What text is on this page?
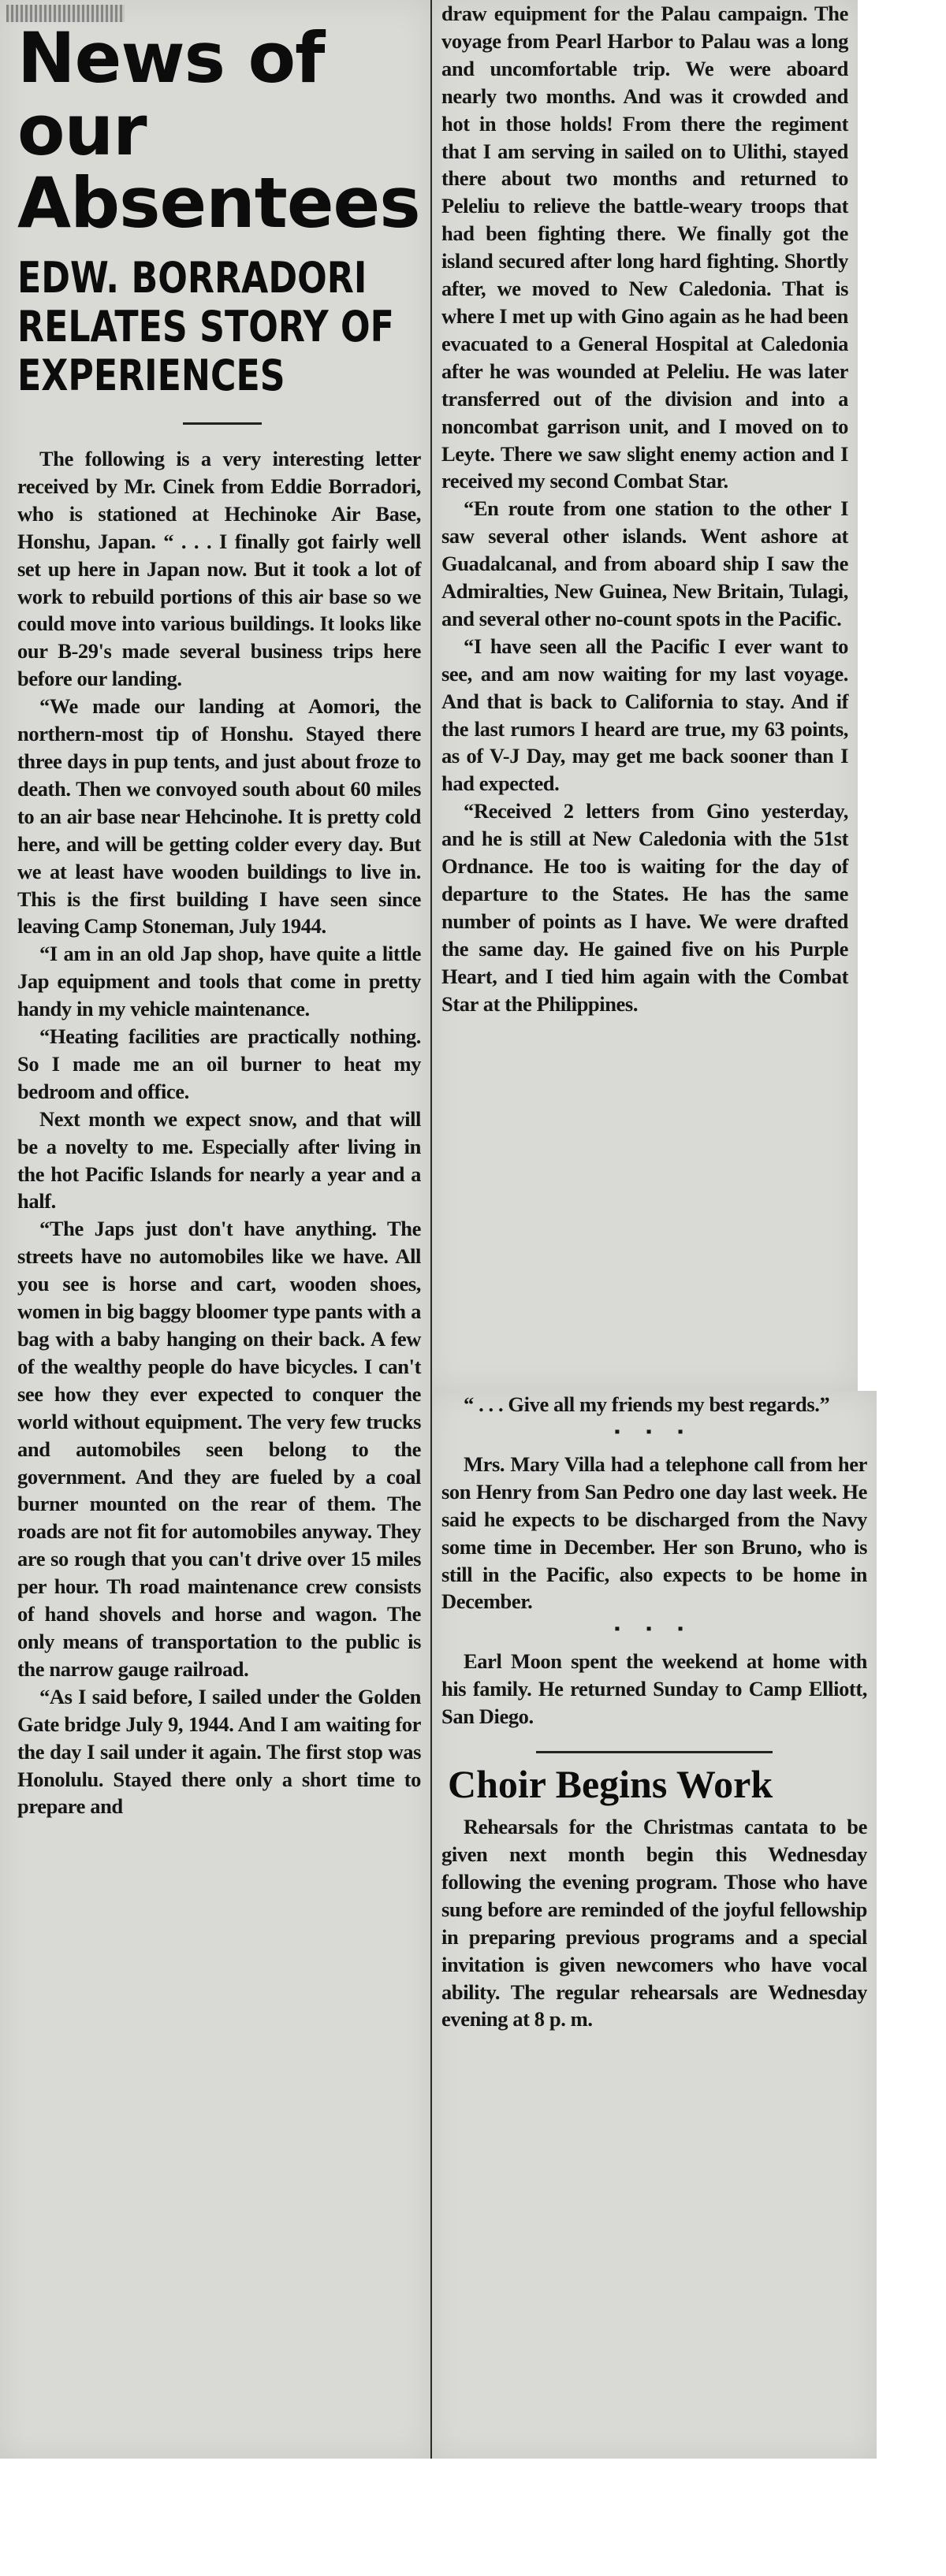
News of our Absentees
EDW. BORRADORI RELATES STORY OF EXPERIENCES

The following is a very interesting letter received by Mr. Cinek from Eddie Borradori, who is stationed at Hechinoke Air Base, Honshu, Japan. “ . . . I finally got fairly well set up here in Japan now. But it took a lot of work to rebuild portions of this air base so we could move into various buildings. It looks like our B-29's made several business trips here before our landing.

“We made our landing at Aomori, the northern-most tip of Honshu. Stayed there three days in pup tents, and just about froze to death. Then we convoyed south about 60 miles to an air base near Hehcinohe. It is pretty cold here, and will be getting colder every day. But we at least have wooden buildings to live in. This is the first building I have seen since leaving Camp Stoneman, July 1944.

“I am in an old Jap shop, have quite a little Jap equipment and tools that come in pretty handy in my vehicle maintenance.

“Heating facilities are practically nothing. So I made me an oil burner to heat my bedroom and office.

Next month we expect snow, and that will be a novelty to me. Especially after living in the hot Pacific Islands for nearly a year and a half.

“The Japs just don't have anything. The streets have no automobiles like we have. All you see is horse and cart, wooden shoes, women in big baggy bloomer type pants with a bag with a baby hanging on their back. A few of the wealthy people do have bicycles. I can't see how they ever expected to conquer the world without equipment. The very few trucks and automobiles seen belong to the government. And they are fueled by a coal burner mounted on the rear of them. The roads are not fit for automobiles anyway. They are so rough that you can't drive over 15 miles per hour. Th road maintenance crew consists of hand shovels and horse and wagon. The only means of transportation to the public is the narrow gauge railroad.

“As I said before, I sailed under the Golden Gate bridge July 9, 1944. And I am waiting for the day I sail under it again. The first stop was Honolulu. Stayed there only a short time to prepare and

draw equipment for the Palau campaign. The voyage from Pearl Harbor to Palau was a long and uncomfortable trip. We were aboard nearly two months. And was it crowded and hot in those holds! From there the regiment that I am serving in sailed on to Ulithi, stayed there about two months and returned to Peleliu to relieve the battle-weary troops that had been fighting there. We finally got the island secured after long hard fighting. Shortly after, we moved to New Caledonia. That is where I met up with Gino again as he had been evacuated to a General Hospital at Caledonia after he was wounded at Peleliu. He was later transferred out of the division and into a noncombat garrison unit, and I moved on to Leyte. There we saw slight enemy action and I received my second Combat Star.

“En route from one station to the other I saw several other islands. Went ashore at Guadalcanal, and from aboard ship I saw the Admiralties, New Guinea, New Britain, Tulagi, and several other no-count spots in the Pacific.

“I have seen all the Pacific I ever want to see, and am now waiting for my last voyage. And that is back to California to stay. And if the last rumors I heard are true, my 63 points, as of V-J Day, may get me back sooner than I had expected.

“Received 2 letters from Gino yesterday, and he is still at New Caledonia with the 51st Ordnance. He too is waiting for the day of departure to the States. He has the same number of points as I have. We were drafted the same day. He gained five on his Purple Heart, and I tied him again with the Combat Star at the Philippines.

“ . . . Give all my friends my best regards.”

▪ ▪ ▪

Mrs. Mary Villa had a telephone call from her son Henry from San Pedro one day last week. He said he expects to be discharged from the Navy some time in December. Her son Bruno, who is still in the Pacific, also expects to be home in December.

▪ ▪ ▪

Earl Moon spent the weekend at home with his family. He returned Sunday to Camp Elliott, San Diego.

Choir Begins Work

Rehearsals for the Christmas cantata to be given next month begin this Wednesday following the evening program. Those who have sung before are reminded of the joyful fellowship in preparing previous programs and a special invitation is given newcomers who have vocal ability. The regular rehearsals are Wednesday evening at 8 p. m.
